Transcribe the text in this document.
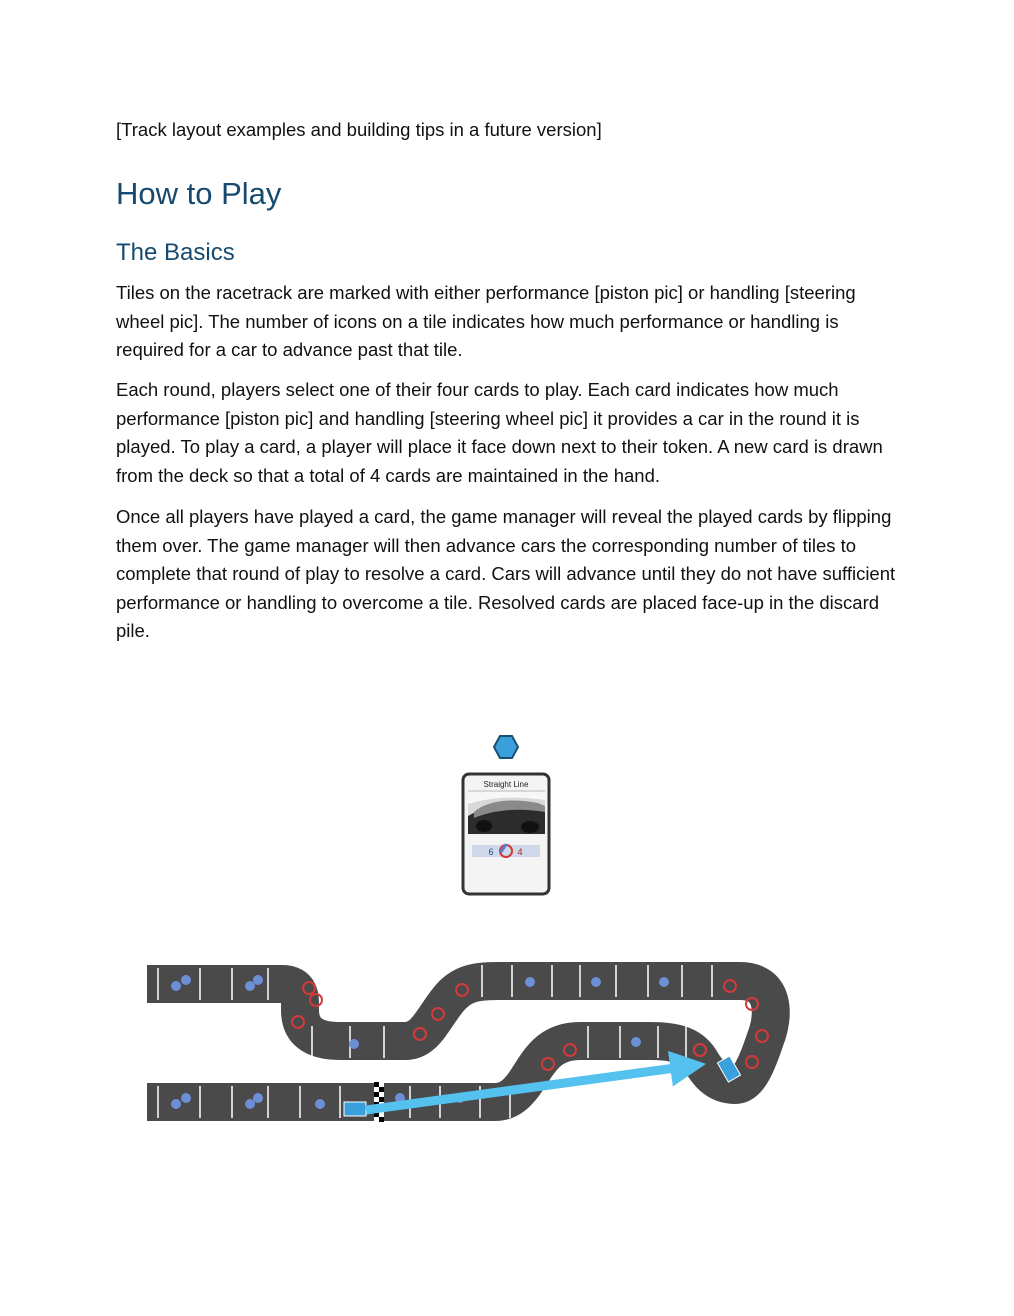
[Track layout examples and building tips in a future version]

How to Play
The Basics

Tiles on the racetrack are marked with either performance [piston pic] or handling [steering wheel pic]. The number of icons on a tile indicates how much performance or handling is required for a car to advance past that tile.

Each round, players select one of their four cards to play. Each card indicates how much performance [piston pic] and handling [steering wheel pic] it provides a car in the round it is played. To play a card, a player will place it face down next to their token. A new card is drawn from the deck so that a total of 4 cards are maintained in the hand.

Once all players have played a card, the game manager will reveal the played cards by flipping them over. The game manager will then advance cars the corresponding number of tiles to complete that round of play to resolve a card. Cars will advance until they do not have sufficient performance or handling to overcome a tile. Resolved cards are placed face-up in the discard pile.

Straight Line
6	4
